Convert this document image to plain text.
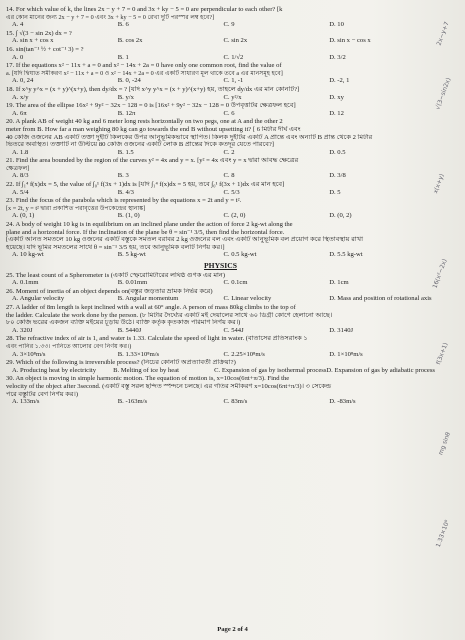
14. For which value of k, the lines 2x − y + 7 = 0 and 3x + ky − 5 = 0 are perpendicular to each other? [k
এর কোন মানের জন্য 2x − y + 7 = 0 এবং 3x + ky − 5 = 0 রেখা দুটি পরস্পর লম্ব হবে?]
A. 4	B. 6	C. 9	D. 10
15. ∫ √(3 − sin 2x) dx = ?
A. sin x + cos x	B. cos 2x	C. sin 2x	D. sin x − cos x
16. sin(tan⁻¹ ½ + cot⁻¹ 3) = ?
A. 0	B. 1	C. 1/√2	D. 3/2
17. If the equations x² − 11x + a = 0 and x² − 14x + 2a = 0 have only one common root, find the value of
a. [যদি দ্বিঘাত সমীকরণ x² − 11x + a = 0 ও x² − 14x + 2a = 0 এর একটি সাধারণ মূল থাকে তবে a এর মানসমূহ হবে]
A. 0, 24	B. 0, -24	C. 1, -1	D. -2, 1
18. If x^y y^x = (x + y)^(x+y), then dy/dx = ? [যদি x^y y^x = (x + y)^(x+y) হয়, তাহলে dy/dx এর মান কোনটি?]
A. x/y	B. y/x	C. y²/x	D. xy
19. The area of the ellipse 16x² + 9y² − 32x − 128 = 0 is [16x² + 9y² − 32x − 128 = 0 উপবৃত্তটির ক্ষেত্রফল হবে]
A. 6π	B. 12π	C. 6	D. 12
20. A plank AB of weight 40 kg and 6 meter long rests horizontally on two pegs, one at A and the other 2
meter from B. How far a man weighing 80 kg can go towards the end B without upsetting it? [ 6 মিটার দীর্ঘ এবং
40 কেজি ওজনের AB একটি তক্তা দুইটি কিলকের উপর আনুভূমিকভাবে স্থাপিত। কিলক দুইটির একটি A প্রান্তে এবং অন্যটি B প্রান্ত থেকে 2 মিটার
ভিতরে অবস্থিত। তক্তাটি না উল্টিয়ে 80 কেজি ওজনের একটি লোক B প্রান্তের দিকে কতদূর যেতে পারবে?]
A. 1.8	B. 1.5	C. 2	D. 0.5
21. Find the area bounded by the region of the curves y² = 4x and y = x. [y² = 4x এবং y = x দ্বারা আবদ্ধ ক্ষেত্রের
ক্ষেত্রফল]
A. 8/3	B. 3	C. 8	D. 3/8
22. If ∫₁⁴ f(x)dx = 5, the value of ∫₀¹ f(3x + 1)dx is [যদি ∫₁⁴ f(x)dx = 5 হয়, তবে ∫₀¹ f(3x + 1)dx এর মান হবে]
A. 5/4	B. 4/3	C. 5/3	D. 5
23. Find the focus of the parabola which is represented by the equations x = 2t and y = t².
[x = 2t, y = t² দ্বারা প্রকাশিত পরাবৃত্তের উপকেন্দ্রের স্থানাঙ্ক]
A. (0, 1)	B. (1, 0)	C. (2, 0)	D. (0, 2)
24. A body of weight 10 kg is in equilibrium on an inclined plane under the action of force 2 kg-wt along the
plane and a horizontal force. If the inclination of the plane be θ = sin⁻¹ 3/5, then find the horizontal force.
[একটি আনত সমতলে 10 kg ওজনের একটি বস্তুকে সমতল বরাবর 2 kg ওজনের বল এবং একটি আনুভূমিক বল প্রয়োগ করে স্থিতাবস্থায় রাখা
হয়েছে। যদি ভূমির সমতলের সাথে θ = sin⁻¹ 3/5 হয়, তবে আনুভূমিক বলটি নির্ণয় কর।]
A. 10 kg-wt	B. 5 kg-wt	C. 0.5 kg-wt	D. 5.5 kg-wt
PHYSICS
25. The least count of a Spherometer is (একটি স্ফেরোমিটারের লঘিষ্ঠ গুণক এর মান)
A. 0.1mm	B. 0.01mm	C. 0.1cm	D. 1cm
26. Moment of inertia of an object depends on(বস্তুর জড়তার ভ্রামক নির্ভর করে)
A. Angular velocity	B. Angular momentum	C. Linear velocity	D. Mass and position of rotational axis
27. A ladder of 8m length is kept inclined with a wall at 60° angle. A person of mass 80kg climbs to the top of
the ladder. Calculate the work done by the person. (৮ মিটার দৈর্ঘ্যের একটি মই দেয়ালের সাথে ৬০ ডিগ্রী কোণে হেলানো আছে।
৮০ কেজি ভরের একজন ব্যক্তি মইয়ের চূড়ায় উঠে। ব্যক্তি কর্তৃক কৃতকাজ পরিমাণ নির্ণয় কর।)
A. 320J	B. 5440J	C. 544J	D. 3140J
28. The refractive index of air is 1, and water is 1.33. Calculate the speed of light in water. (বাতাসের প্রতিসরাংক ১
এবং পানির ১.৩৩। পানিতে আলোর বেগ নির্ণয় কর।)
A. 3×10⁸m/s	B. 1.33×10⁸m/s	C. 2.25×10⁸m/s	D. 1×10⁸m/s
29. Which of the following is irreversible process? (নিচের কোনটি অপ্রত্যাবর্তী প্রক্রিয়া?)
A. Producing heat by electricity	B. Melting of ice by heat	C. Expansion of gas by isothermal process D. Expansion of gas by adiabatic process
30. An object is moving in simple harmonic motion. The equation of motion is, x=10cos(6πt+π/3). Find the
velocity of the object after 3second. (একটি বস্তু সরল ছন্দিত স্পন্দনে চলছে। এর গতির সমীকরণ x=10cos(6πt+π/3)। ৩ সেকেন্ড
পরে বস্তুটির বেগ নির্ণয় কর।)
A. 133m/s	B. -163m/s	C. 83m/s	D. -83m/s
2x−y+7
√(3−sin2x)
x(x+y)
16(x²−2x)
f(3x+1)
mg sinθ
1.33×10⁸
Page 2 of 4
